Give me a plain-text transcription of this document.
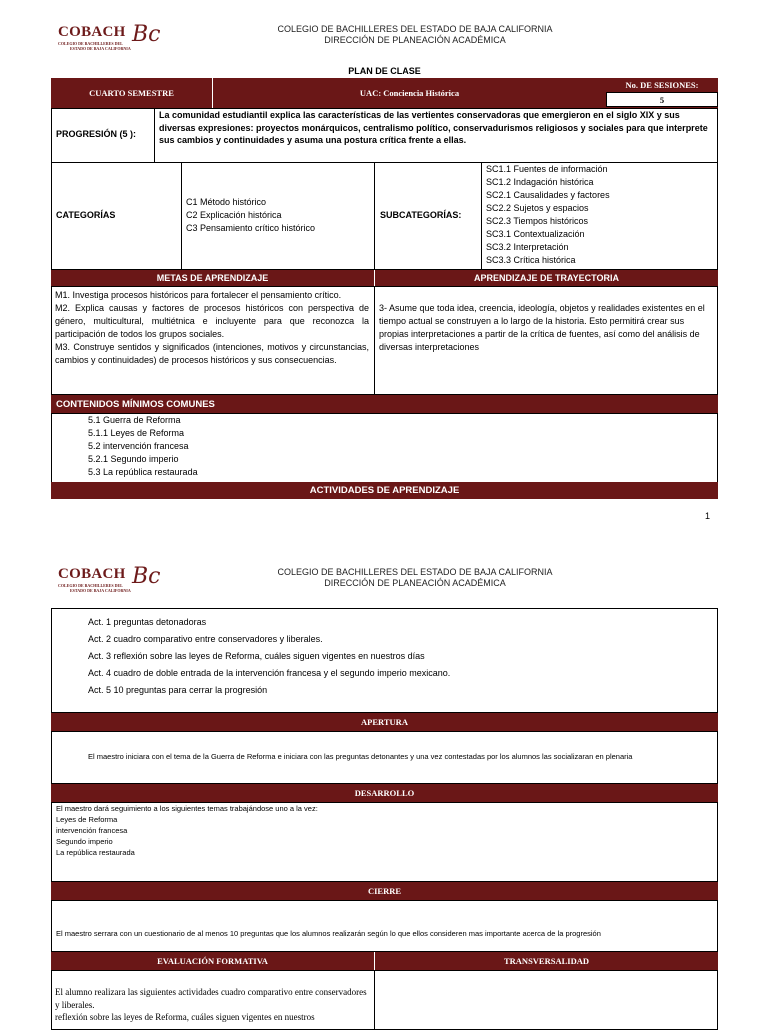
COBACH Bc
COLEGIO DE BACHILLERES DEL
ESTADO DE BAJA CALIFORNIA
COLEGIO DE BACHILLERES DEL ESTADO DE BAJA CALIFORNIA
DIRECCIÓN DE PLANEACIÓN ACADÉMICA
PLAN DE CLASE
CUARTO SEMESTRE	UAC: Conciencia Histórica
No. DE SESIONES:
5
PROGRESIÓN (5 ):
La comunidad estudiantil explica las características de las vertientes conservadoras que emergieron en el siglo XIX y sus diversas expresiones: proyectos monárquicos, centralismo político, conservadurismos religiosos y sociales para que interprete sus cambios y continuidades y asuma una postura crítica frente a ellas.
CATEGORÍAS
C1 Método histórico
C2 Explicación histórica
C3 Pensamiento crítico histórico
SUBCATEGORÍAS:
SC1.1 Fuentes de información
SC1.2 Indagación histórica
SC2.1 Causalidades y factores
SC2.2 Sujetos y espacios
SC2.3 Tiempos históricos
SC3.1 Contextualización
SC3.2 Interpretación
SC3.3 Crítica histórica
METAS DE APRENDIZAJE	APRENDIZAJE DE TRAYECTORIA
M1. Investiga procesos históricos para fortalecer el pensamiento crítico.
M2. Explica causas y factores de procesos históricos con perspectiva de género, multicultural, multiétnica e incluyente para que reconozca la participación de todos los grupos sociales.
M3. Construye sentidos y significados (intenciones, motivos y circunstancias, cambios y continuidades) de procesos históricos y sus consecuencias.
3- Asume que toda idea, creencia, ideología, objetos y realidades existentes en el tiempo actual se construyen a lo largo de la historia. Esto permitirá crear sus propias interpretaciones a partir de la crítica de fuentes, así como del análisis de diversas interpretaciones
CONTENIDOS MÍNIMOS COMUNES
5.1 Guerra de Reforma
5.1.1 Leyes de Reforma
5.2 intervención francesa
5.2.1 Segundo imperio
5.3 La república restaurada
ACTIVIDADES DE APRENDIZAJE
1
COBACH Bc
COLEGIO DE BACHILLERES DEL
ESTADO DE BAJA CALIFORNIA
COLEGIO DE BACHILLERES DEL ESTADO DE BAJA CALIFORNIA
DIRECCIÓN DE PLANEACIÓN ACADÉMICA
Act. 1 preguntas detonadoras
Act. 2 cuadro comparativo entre conservadores y liberales.
Act. 3 reflexión sobre las leyes de Reforma, cuáles siguen vigentes en nuestros días
Act. 4 cuadro de doble entrada de la intervención francesa y el segundo imperio mexicano.
Act. 5 10 preguntas para cerrar la progresión
APERTURA
El maestro iniciara con el tema de la Guerra de Reforma e iniciara con las preguntas detonantes y una vez contestadas por los alumnos las socializaran en plenaria
DESARROLLO
El maestro dará seguimiento a los siguientes temas trabajándose uno a la vez:
Leyes de Reforma
intervención francesa
Segundo imperio
La república restaurada
CIERRE
El maestro serrara con un cuestionario de al menos 10 preguntas que los alumnos realizarán según lo que ellos consideren mas importante acerca de la progresión
EVALUACIÓN FORMATIVA	TRANSVERSALIDAD
El alumno realizara las siguientes actividades cuadro comparativo entre conservadores y liberales.
reflexión sobre las leyes de Reforma, cuáles siguen vigentes en nuestros
